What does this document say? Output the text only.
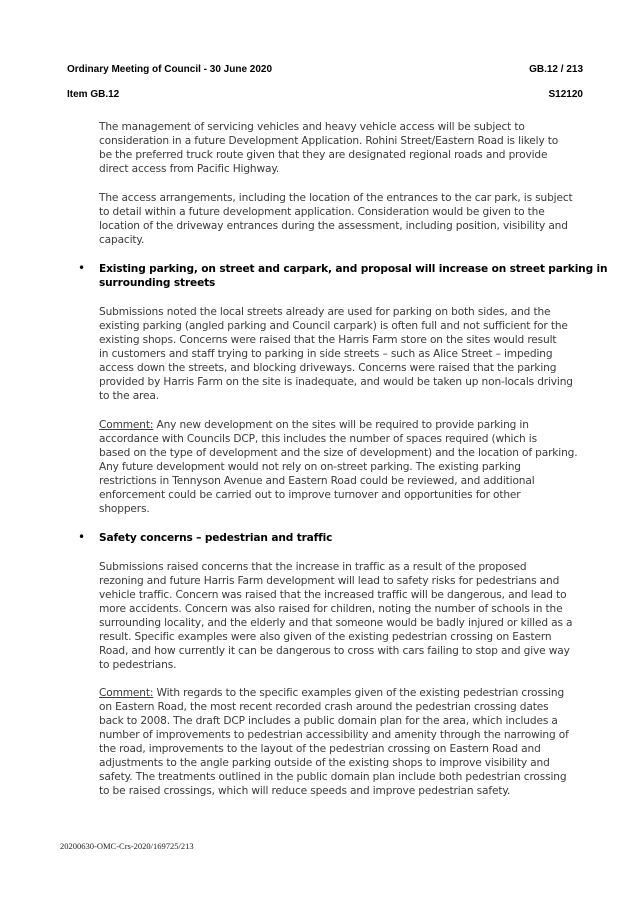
Ordinary Meeting of Council - 30 June 2020	GB.12 / 213
Item GB.12	S12120
The management of servicing vehicles and heavy vehicle access will be subject to
consideration in a future Development Application. Rohini Street/Eastern Road is likely to
be the preferred truck route given that they are designated regional roads and provide
direct access from Pacific Highway.
The access arrangements, including the location of the entrances to the car park, is subject
to detail within a future development application. Consideration would be given to the
location of the driveway entrances during the assessment, including position, visibility and
capacity.
• Existing parking, on street and carpark, and proposal will increase on street parking in
surrounding streets
Submissions noted the local streets already are used for parking on both sides, and the
existing parking (angled parking and Council carpark) is often full and not sufficient for the
existing shops. Concerns were raised that the Harris Farm store on the sites would result
in customers and staff trying to parking in side streets – such as Alice Street – impeding
access down the streets, and blocking driveways. Concerns were raised that the parking
provided by Harris Farm on the site is inadequate, and would be taken up non-locals driving
to the area.
Comment: Any new development on the sites will be required to provide parking in
accordance with Councils DCP, this includes the number of spaces required (which is
based on the type of development and the size of development) and the location of parking.
Any future development would not rely on on-street parking. The existing parking
restrictions in Tennyson Avenue and Eastern Road could be reviewed, and additional
enforcement could be carried out to improve turnover and opportunities for other
shoppers.
• Safety concerns – pedestrian and traffic
Submissions raised concerns that the increase in traffic as a result of the proposed
rezoning and future Harris Farm development will lead to safety risks for pedestrians and
vehicle traffic. Concern was raised that the increased traffic will be dangerous, and lead to
more accidents. Concern was also raised for children, noting the number of schools in the
surrounding locality, and the elderly and that someone would be badly injured or killed as a
result. Specific examples were also given of the existing pedestrian crossing on Eastern
Road, and how currently it can be dangerous to cross with cars failing to stop and give way
to pedestrians.
Comment: With regards to the specific examples given of the existing pedestrian crossing
on Eastern Road, the most recent recorded crash around the pedestrian crossing dates
back to 2008. The draft DCP includes a public domain plan for the area, which includes a
number of improvements to pedestrian accessibility and amenity through the narrowing of
the road, improvements to the layout of the pedestrian crossing on Eastern Road and
adjustments to the angle parking outside of the existing shops to improve visibility and
safety. The treatments outlined in the public domain plan include both pedestrian crossing
to be raised crossings, which will reduce speeds and improve pedestrian safety.
20200630-OMC-Crs-2020/169725/213
